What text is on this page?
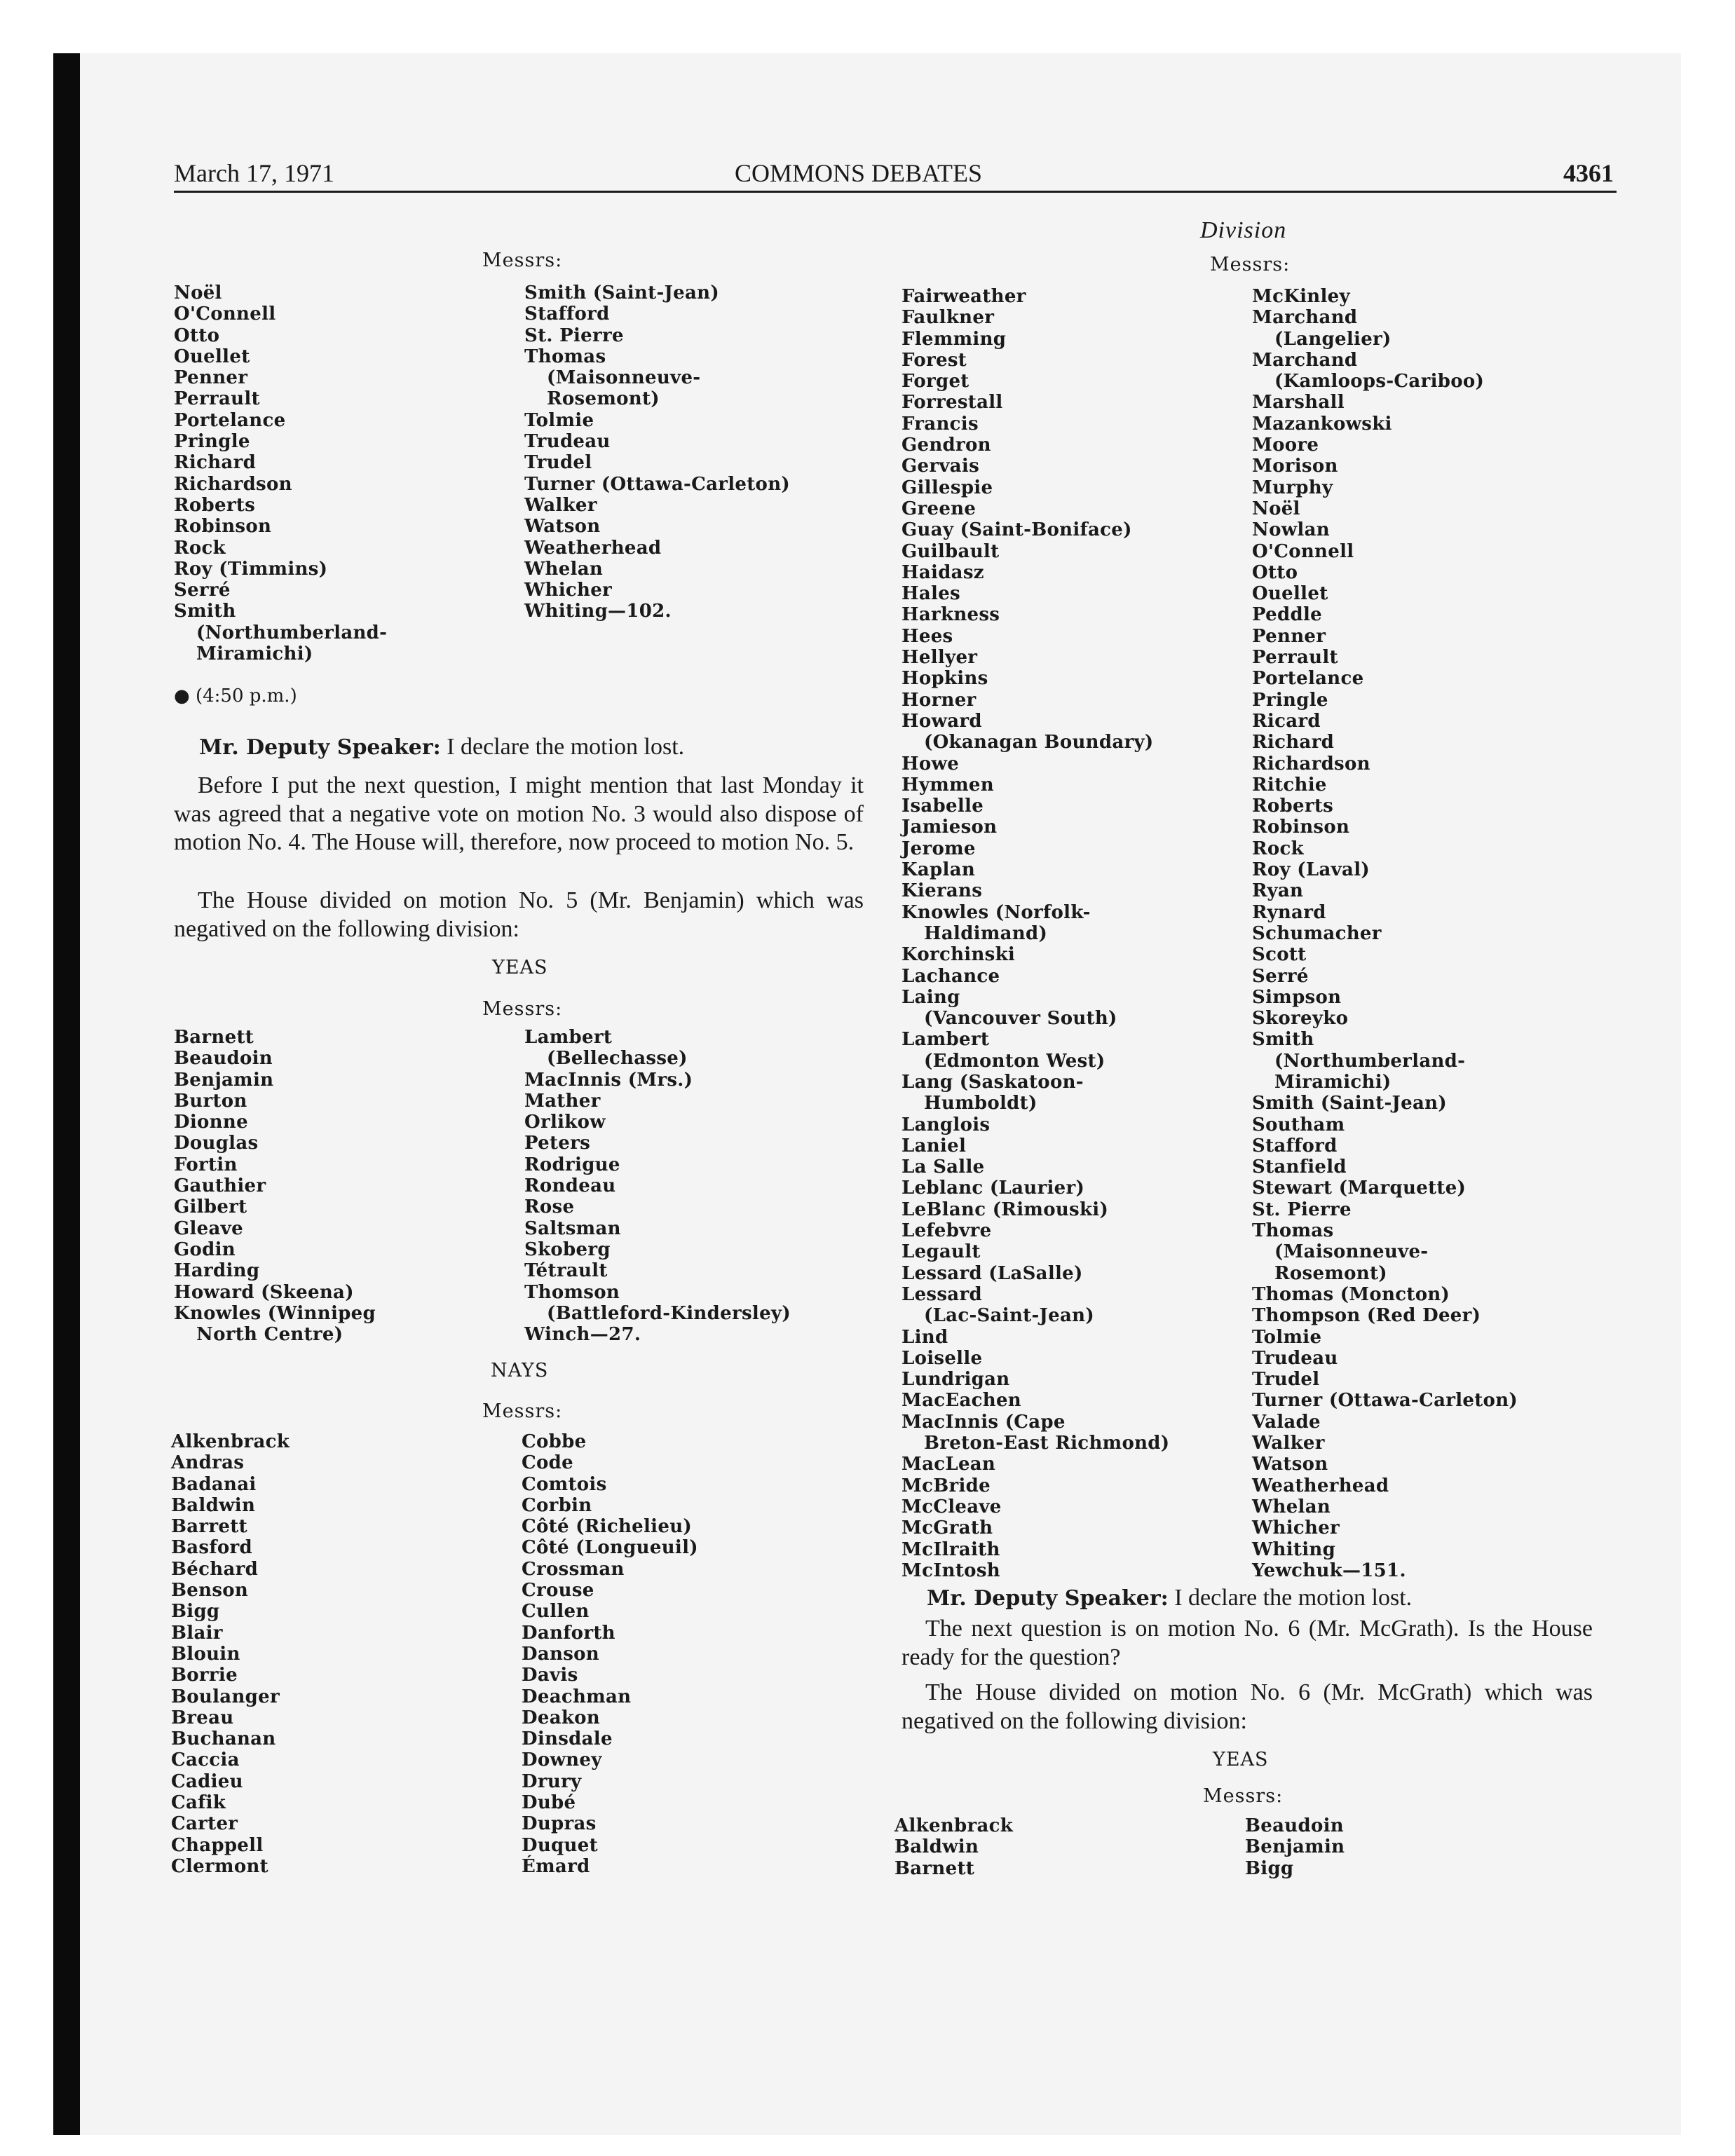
March 17, 1971	COMMONS DEBATES	4361
Messrs:
Noël
O'Connell
Otto
Ouellet
Penner
Perrault
Portelance
Pringle
Richard
Richardson
Roberts
Robinson
Rock
Roy (Timmins)
Serré
Smith
(Northumberland-
Miramichi)
Smith (Saint-Jean)
Stafford
St. Pierre
Thomas
(Maisonneuve-
Rosemont)
Tolmie
Trudeau
Trudel
Turner (Ottawa-Carleton)
Walker
Watson
Weatherhead
Whelan
Whicher
Whiting—102.
● (4:50 p.m.)
Mr. Deputy Speaker: I declare the motion lost.

Before I put the next question, I might mention that last Monday it was agreed that a negative vote on motion No. 3 would also dispose of motion No. 4. The House will, therefore, now proceed to motion No. 5.

The House divided on motion No. 5 (Mr. Benjamin) which was negatived on the following division:

YEAS
Messrs:
Barnett
Beaudoin
Benjamin
Burton
Dionne
Douglas
Fortin
Gauthier
Gilbert
Gleave
Godin
Harding
Howard (Skeena)
Knowles (Winnipeg
North Centre)
Lambert
(Bellechasse)
MacInnis (Mrs.)
Mather
Orlikow
Peters
Rodrigue
Rondeau
Rose
Saltsman
Skoberg
Tétrault
Thomson
(Battleford-Kindersley)
Winch—27.
NAYS
Messrs:
Alkenbrack
Andras
Badanai
Baldwin
Barrett
Basford
Béchard
Benson
Bigg
Blair
Blouin
Borrie
Boulanger
Breau
Buchanan
Caccia
Cadieu
Cafik
Carter
Chappell
Clermont
Cobbe
Code
Comtois
Corbin
Côté (Richelieu)
Côté (Longueuil)
Crossman
Crouse
Cullen
Danforth
Danson
Davis
Deachman
Deakon
Dinsdale
Downey
Drury
Dubé
Dupras
Duquet
Émard
Division
Messrs:
Fairweather
Faulkner
Flemming
Forest
Forget
Forrestall
Francis
Gendron
Gervais
Gillespie
Greene
Guay (Saint-Boniface)
Guilbault
Haidasz
Hales
Harkness
Hees
Hellyer
Hopkins
Horner
Howard
(Okanagan Boundary)
Howe
Hymmen
Isabelle
Jamieson
Jerome
Kaplan
Kierans
Knowles (Norfolk-
Haldimand)
Korchinski
Lachance
Laing
(Vancouver South)
Lambert
(Edmonton West)
Lang (Saskatoon-
Humboldt)
Langlois
Laniel
La Salle
Leblanc (Laurier)
LeBlanc (Rimouski)
Lefebvre
Legault
Lessard (LaSalle)
Lessard
(Lac-Saint-Jean)
Lind
Loiselle
Lundrigan
MacEachen
MacInnis (Cape
Breton-East Richmond)
MacLean
McBride
McCleave
McGrath
McIlraith
McIntosh
McKinley
Marchand
(Langelier)
Marchand
(Kamloops-Cariboo)
Marshall
Mazankowski
Moore
Morison
Murphy
Noël
Nowlan
O'Connell
Otto
Ouellet
Peddle
Penner
Perrault
Portelance
Pringle
Ricard
Richard
Richardson
Ritchie
Roberts
Robinson
Rock
Roy (Laval)
Ryan
Rynard
Schumacher
Scott
Serré
Simpson
Skoreyko
Smith
(Northumberland-
Miramichi)
Smith (Saint-Jean)
Southam
Stafford
Stanfield
Stewart (Marquette)
St. Pierre
Thomas
(Maisonneuve-
Rosemont)
Thomas (Moncton)
Thompson (Red Deer)
Tolmie
Trudeau
Trudel
Turner (Ottawa-Carleton)
Valade
Walker
Watson
Weatherhead
Whelan
Whicher
Whiting
Yewchuk—151.
Mr. Deputy Speaker: I declare the motion lost.

The next question is on motion No. 6 (Mr. McGrath). Is the House ready for the question?

The House divided on motion No. 6 (Mr. McGrath) which was negatived on the following division:

YEAS
Messrs:
Alkenbrack
Baldwin
Barnett
Beaudoin
Benjamin
Bigg
